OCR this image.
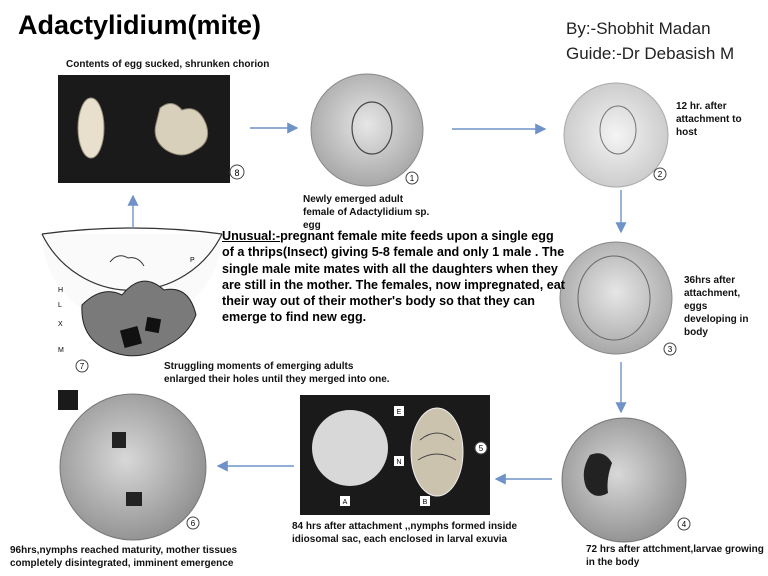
Adactylidium(mite)	By:-Shobhit Madan
Guide:-Dr Debasish M
8
1	2
3
4
A	B
E
N
5
6
H
L
X
M
P
7
Contents of egg sucked, shrunken chorion
Newly emerged adult female of Adactylidium sp. egg
12 hr. after attachment to host
36hrs after attachment, eggs developing in body
72 hrs after attchment,larvae growing in the body
84 hrs after attachment ,,nymphs formed inside idiosomal sac, each enclosed in larval exuvia
96hrs,nymphs reached maturity, mother tissues completely disintegrated, imminent emergence
Struggling moments of emerging adults enlarged their holes until they merged into one.
Unusual:-pregnant female mite feeds upon a single egg of a thrips(Insect) giving 5-8 female and only 1 male . The single male mite mates with all the daughters when they are still in the mother. The females, now impregnated, eat their way out of their mother's body so that they can emerge to find new egg.
